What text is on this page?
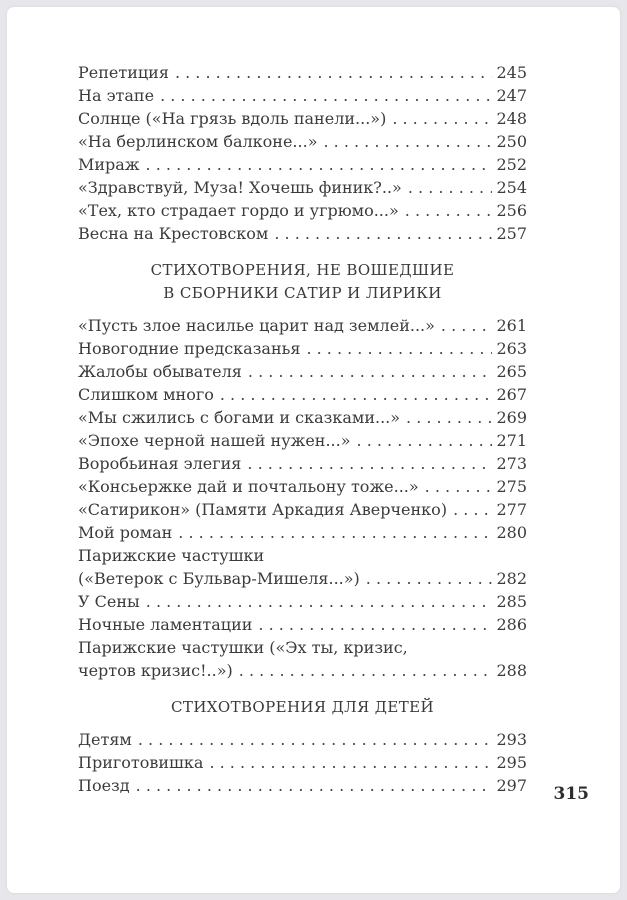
Репетиция . . .	245
На этапе . . .	247
Солнце («На грязь вдоль панели...») . . .	248
«На берлинском балконе...» . . .	250
Мираж . . .	252
«Здравствуй, Муза! Хочешь финик?..» . . .	254
«Тех, кто страдает гордо и угрюмо...» . . .	256
Весна на Крестовском . . .	257
СТИХОТВОРЕНИЯ, НЕ ВОШЕДШИЕ
В СБОРНИКИ САТИР И ЛИРИКИ
«Пусть злое насилье царит над землей...» . . .	261
Новогодние предсказанья . . .	263
Жалобы обывателя . . .	265
Слишком много . . .	267
«Мы сжились с богами и сказками...» . . .	269
«Эпохе черной нашей нужен...» . . .	271
Воробьиная элегия . . .	273
«Консьержке дай и почтальону тоже...» . . .	275
«Сатирикон» (Памяти Аркадия Аверченко) . . .	277
Мой роман . . .	280
Парижские частушки
(«Ветерок с Бульвар-Мишеля...») . . .	282
У Сены . . .	285
Ночные ламентации . . .	286
Парижские частушки («Эх ты, кризис,
чертов кризис!..») . . .	288
СТИХОТВОРЕНИЯ ДЛЯ ДЕТЕЙ
Детям . . .	293
Приготовишка . . .	295
Поезд . . .	297 315
